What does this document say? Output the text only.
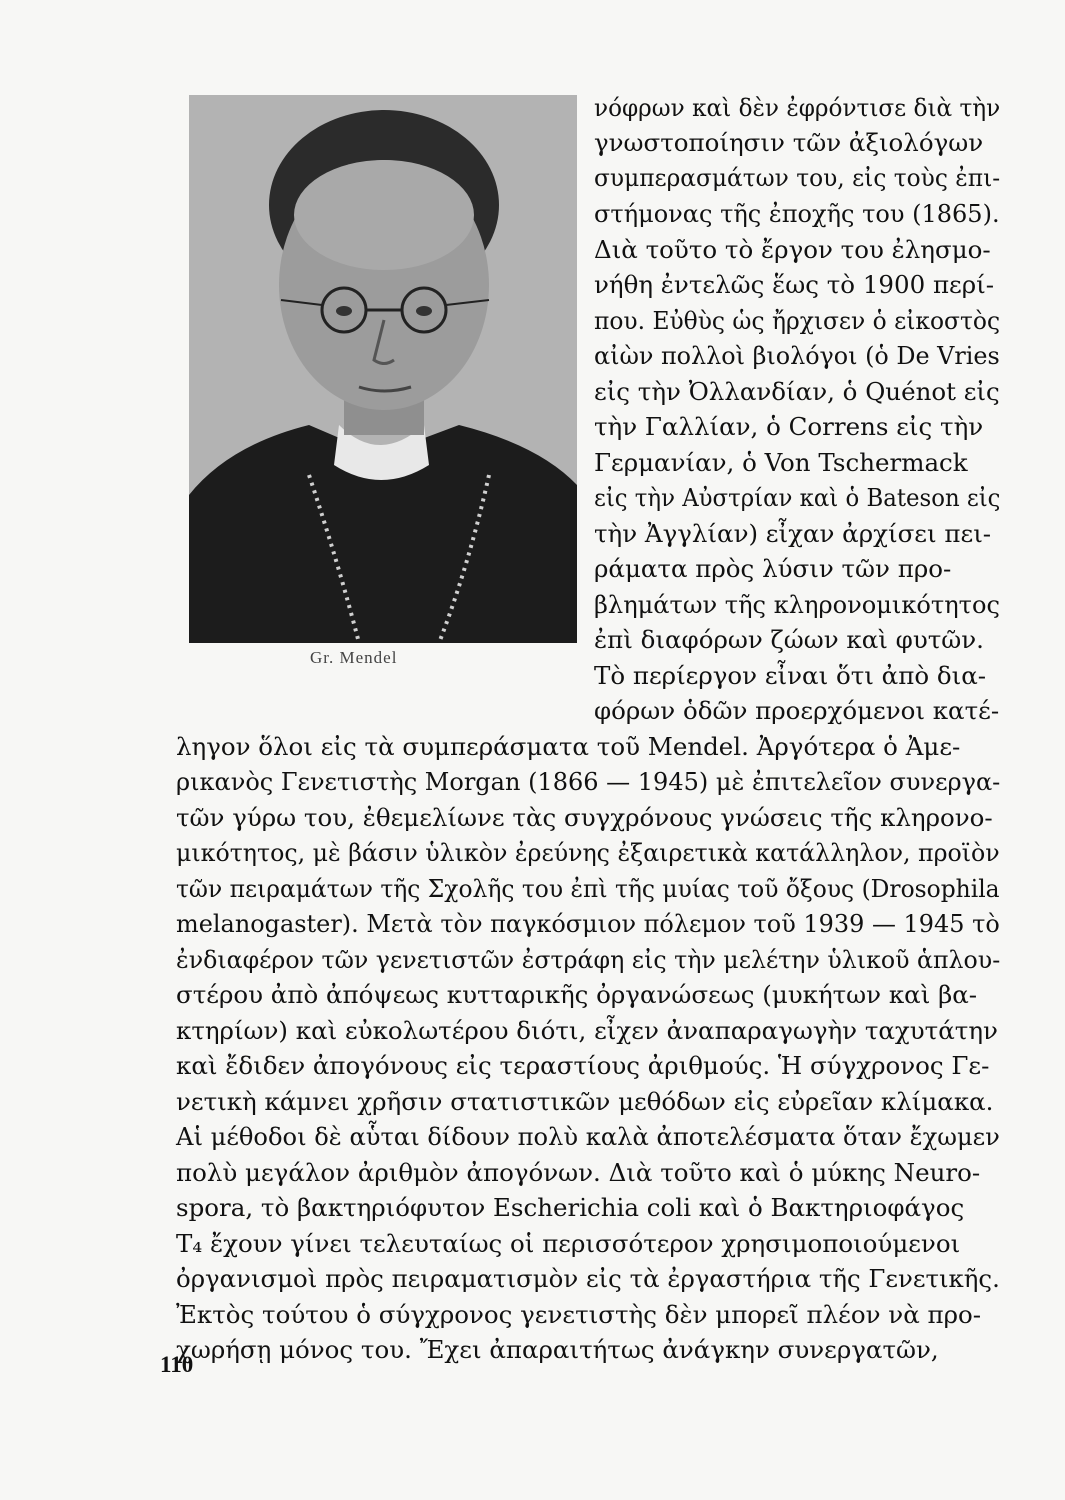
Gr. Mendel

νόφρων καὶ δὲν ἐφρόντισε διὰ τὴν

γνωστοποίησιν τῶν ἀξιολόγων

συμπερασμάτων του, εἰς τοὺς ἐπι-

στήμονας τῆς ἐποχῆς του (1865).

Διὰ τοῦτο τὸ ἔργον του ἐλησμο-

νήθη ἐντελῶς ἕως τὸ 1900 περί-

που. Εὐθὺς ὡς ἤρχισεν ὁ εἰκοστὸς

αἰὼν πολλοὶ βιολόγοι (ὁ De Vries

εἰς τὴν Ὀλλανδίαν, ὁ Quénot εἰς

τὴν Γαλλίαν, ὁ Correns εἰς τὴν

Γερμανίαν, ὁ Von Tschermack

εἰς τὴν Αὐστρίαν καὶ ὁ Bateson εἰς

τὴν Ἀγγλίαν) εἶχαν ἀρχίσει πει-

ράματα πρὸς λύσιν τῶν προ-

βλημάτων τῆς κληρονομικότητος

ἐπὶ διαφόρων ζώων καὶ φυτῶν.

Τὸ περίεργον εἶναι ὅτι ἀπὸ δια-

φόρων ὁδῶν προερχόμενοι κατέ-

ληγον ὅλοι εἰς τὰ συμπεράσματα τοῦ Mendel. Ἀργότερα ὁ Ἀμε-

ρικανὸς Γενετιστὴς Morgan (1866 — 1945) μὲ ἐπιτελεῖον συνεργα-

τῶν γύρω του, ἐθεμελίωνε τὰς συγχρόνους γνώσεις τῆς κληρονο-

μικότητος, μὲ βάσιν ὑλικὸν ἐρεύνης ἐξαιρετικὰ κατάλληλον, προϊὸν

τῶν πειραμάτων τῆς Σχολῆς του ἐπὶ τῆς μυίας τοῦ ὄξους (Drosophila

melanogaster). Μετὰ τὸν παγκόσμιον πόλεμον τοῦ 1939 — 1945 τὸ

ἐνδιαφέρον τῶν γενετιστῶν ἐστράφη εἰς τὴν μελέτην ὑλικοῦ ἁπλου-

στέρου ἀπὸ ἀπόψεως κυτταρικῆς ὀργανώσεως (μυκήτων καὶ βα-

κτηρίων) καὶ εὐκολωτέρου διότι, εἶχεν ἀναπαραγωγὴν ταχυτάτην

καὶ ἔδιδεν ἀπογόνους εἰς τεραστίους ἀριθμούς. Ἡ σύγχρονος Γε-

νετικὴ κάμνει χρῆσιν στατιστικῶν μεθόδων εἰς εὐρεῖαν κλίμακα.

Αἱ μέθοδοι δὲ αὗται δίδουν πολὺ καλὰ ἀποτελέσματα ὅταν ἔχωμεν

πολὺ μεγάλον ἀριθμὸν ἀπογόνων. Διὰ τοῦτο καὶ ὁ μύκης Neuro-

spora, τὸ βακτηριόφυτον Escherichia coli καὶ ὁ Βακτηριοφάγος

T₄ ἔχουν γίνει τελευταίως οἱ περισσότερον χρησιμοποιούμενοι

ὀργανισμοὶ πρὸς πειραματισμὸν εἰς τὰ ἐργαστήρια τῆς Γενετικῆς.

Ἐκτὸς τούτου ὁ σύγχρονος γενετιστὴς δὲν μπορεῖ πλέον νὰ προ-

χωρήσῃ μόνος του. Ἔχει ἀπαραιτήτως ἀνάγκην συνεργατῶν,

110
